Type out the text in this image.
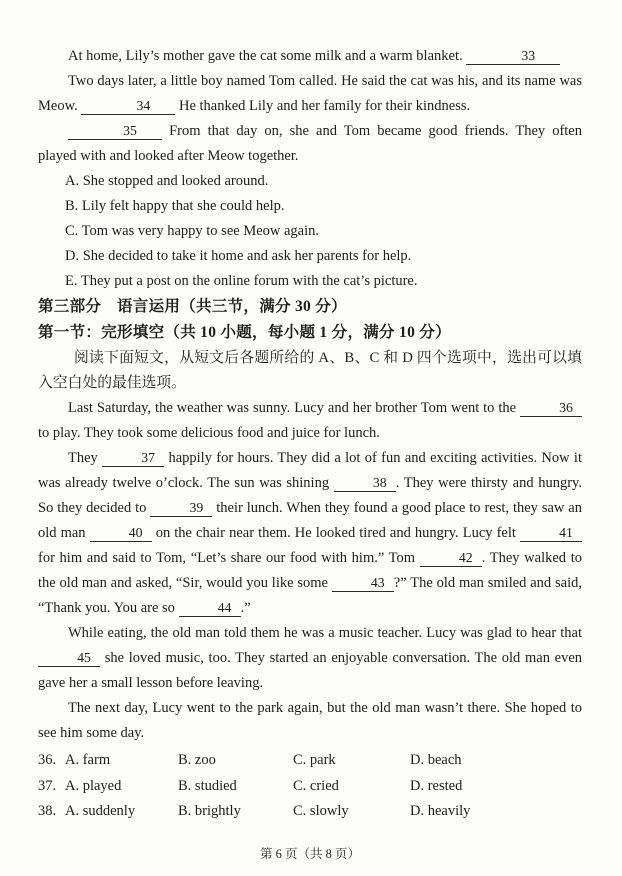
At home, Lily’s mother gave the cat some milk and a warm blanket.	33

Two days later, a little boy named Tom called. He said the cat was his, and its name was Meow.	34 He thanked Lily and her family for their kindness.

35 From that day on, she and Tom became good friends. They often played with and looked after Meow together.

A. She stopped and looked around.

B. Lily felt happy that she could help.

C. Tom was very happy to see Meow again.

D. She decided to take it home and ask her parents for help.

E. They put a post on the online forum with the cat’s picture.

第三部分　语言运用（共三节，满分 30 分）

第一节：完形填空（共 10 小题，每小题 1 分，满分 10 分）

阅读下面短文，从短文后各题所给的 A、B、C 和 D 四个选项中，选出可以填入空白处的最佳选项。

Last Saturday, the weather was sunny. Lucy and her brother Tom went to the	36 to play. They took some delicious food and juice for lunch.

They	37 happily for hours. They did a lot of fun and exciting activities. Now it was already twelve o’clock. The sun was shining	38 . They were thirsty and hungry. So they decided to	39 their lunch. When they found a good place to rest, they saw an old man	40 on the chair near them. He looked tired and hungry. Lucy felt	41 for him and said to Tom, “Let’s share our food with him.” Tom	42 . They walked to the old man and asked, “Sir, would you like some	43 ?” The old man smiled and said, “Thank you. You are so	44 .”

While eating, the old man told them he was a music teacher. Lucy was glad to hear that 45 she loved music, too. They started an enjoyable conversation. The old man even gave her a small lesson before leaving.

The next day, Lucy went to the park again, but the old man wasn’t there. She hoped to see him some day.

36. A. farm	B. zoo	C. park	D. beach
37. A. played	B. studied	C. cried	D. rested
38. A. suddenly	B. brightly	C. slowly	D. heavily

第 6 页（共 8 页）
